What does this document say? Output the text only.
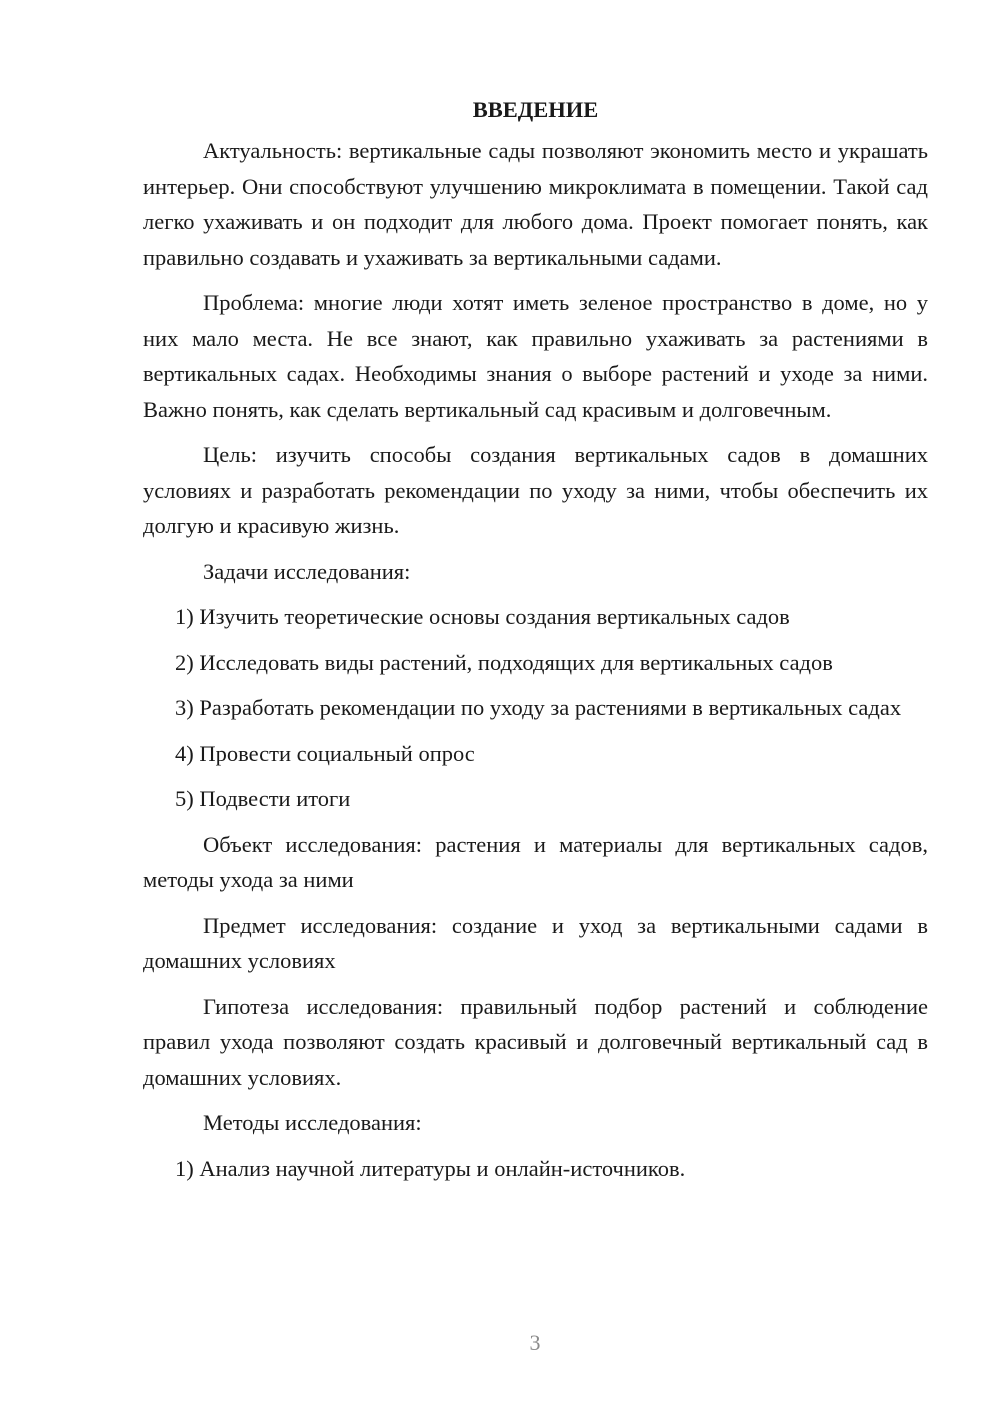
ВВЕДЕНИЕ

Актуальность: вертикальные сады позволяют экономить место и украшать интерьер. Они способствуют улучшению микроклимата в помещении. Такой сад легко ухаживать и он подходит для любого дома. Проект помогает понять, как правильно создавать и ухаживать за вертикальными садами.

Проблема: многие люди хотят иметь зеленое пространство в доме, но у них мало места. Не все знают, как правильно ухаживать за растениями в вертикальных садах. Необходимы знания о выборе растений и уходе за ними. Важно понять, как сделать вертикальный сад красивым и долговечным.

Цель: изучить способы создания вертикальных садов в домашних условиях и разработать рекомендации по уходу за ними, чтобы обеспечить их долгую и красивую жизнь.

Задачи исследования:

1) Изучить теоретические основы создания вертикальных садов

2) Исследовать виды растений, подходящих для вертикальных садов

3) Разработать рекомендации по уходу за растениями в вертикальных садах

4) Провести социальный опрос

5) Подвести итоги

Объект исследования: растения и материалы для вертикальных садов, методы ухода за ними

Предмет исследования: создание и уход за вертикальными садами в домашних условиях

Гипотеза исследования: правильный подбор растений и соблюдение правил ухода позволяют создать красивый и долговечный вертикальный сад в домашних условиях.

Методы исследования:

1) Анализ научной литературы и онлайн-источников.

3
